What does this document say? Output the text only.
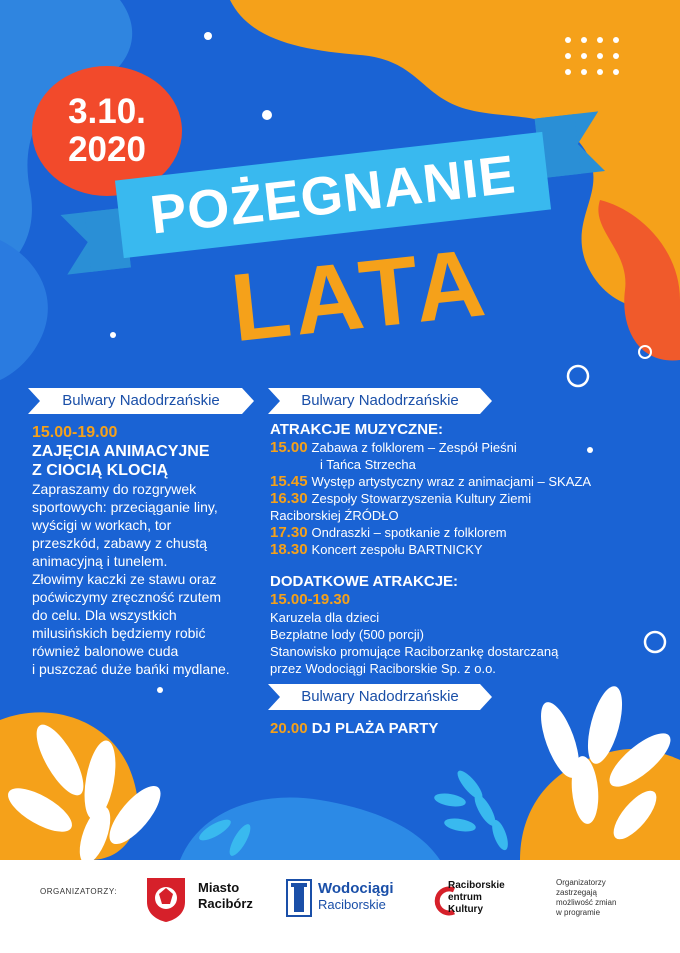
3.10.
2020 POŻEGNANIE
LATA
Bulwary Nadodrzańskie
15.00-19.00
ZAJĘCIA ANIMACYJNE
Z CIOCIĄ KLOCIĄ
Zapraszamy do rozgrywek
sportowych: przeciąganie liny,
wyścigi w workach, tor
przeszkód, zabawy z chustą
animacyjną i tunelem.
Złowimy kaczki ze stawu oraz
poćwiczymy zręczność rzutem
do celu. Dla wszystkich
milusińskich będziemy robić
również balonowe cuda
i puszczać duże bańki mydlane.
Bulwary Nadodrzańskie
ATRAKCJE MUZYCZNE:
15.00 Zabawa z folklorem – Zespół Pieśni
i Tańca Strzecha
15.45 Występ artystyczny wraz z animacjami – SKAZA
16.30 Zespoły Stowarzyszenia Kultury Ziemi
Raciborskiej ŹRÓDŁO
17.30 Ondraszki – spotkanie z folklorem
18.30 Koncert zespołu BARTNICKY
DODATKOWE ATRAKCJE:
15.00-19.30
Karuzela dla dzieci
Bezpłatne lody (500 porcji)
Stanowisko promujące Raciborzankę dostarczaną
przez Wodociągi Raciborskie Sp. z o.o.
Bulwary Nadodrzańskie
20.00 DJ PLAŻA PARTY
ORGANIZATORZY:	Miasto
Racibórz
Wodociągi
Raciborskie
Raciborskie
entrum
Kultury
Organizatorzy
zastrzegają
możliwość zmian
w programie
